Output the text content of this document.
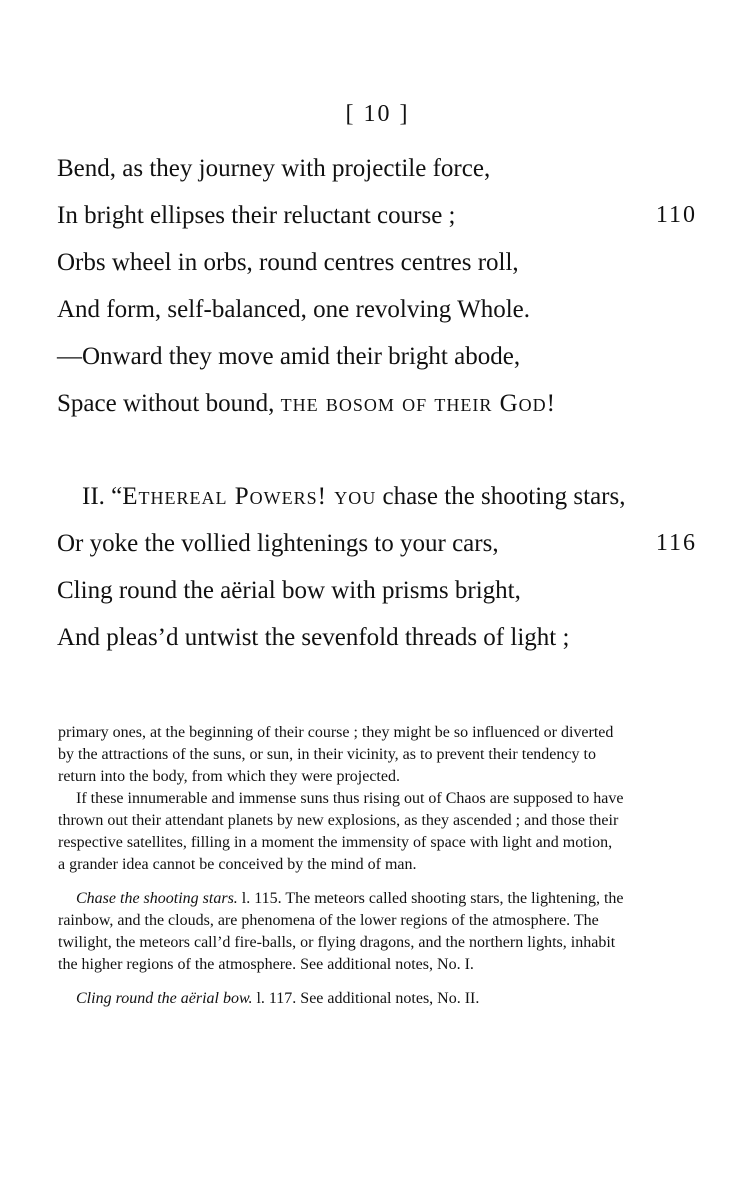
[ 10 ]
Bend, as they journey with projectile force,
In bright ellipses their reluctant course ;	110
Orbs wheel in orbs, round centres centres roll,
And form, self-balanced, one revolving Whole.
—Onward they move amid their bright abode,
Space without bound, the bosom of their God!
II. “Ethereal Powers! you chase the shooting stars,
Or yoke the vollied lightenings to your cars,	116
Cling round the aërial bow with prisms bright,
And pleas’d untwist the sevenfold threads of light ;
primary ones, at the beginning of their course ; they might be so influenced or diverted
by the attractions of the suns, or sun, in their vicinity, as to prevent their tendency to
return into the body, from which they were projected.
If these innumerable and immense suns thus rising out of Chaos are supposed to have
thrown out their attendant planets by new explosions, as they ascended ; and those their
respective satellites, filling in a moment the immensity of space with light and motion,
a grander idea cannot be conceived by the mind of man.
Chase the shooting stars. l. 115. The meteors called shooting stars, the lightening, the
rainbow, and the clouds, are phenomena of the lower regions of the atmosphere. The
twilight, the meteors call’d fire-balls, or flying dragons, and the northern lights, inhabit
the higher regions of the atmosphere. See additional notes, No. I.
Cling round the aërial bow. l. 117. See additional notes, No. II.
